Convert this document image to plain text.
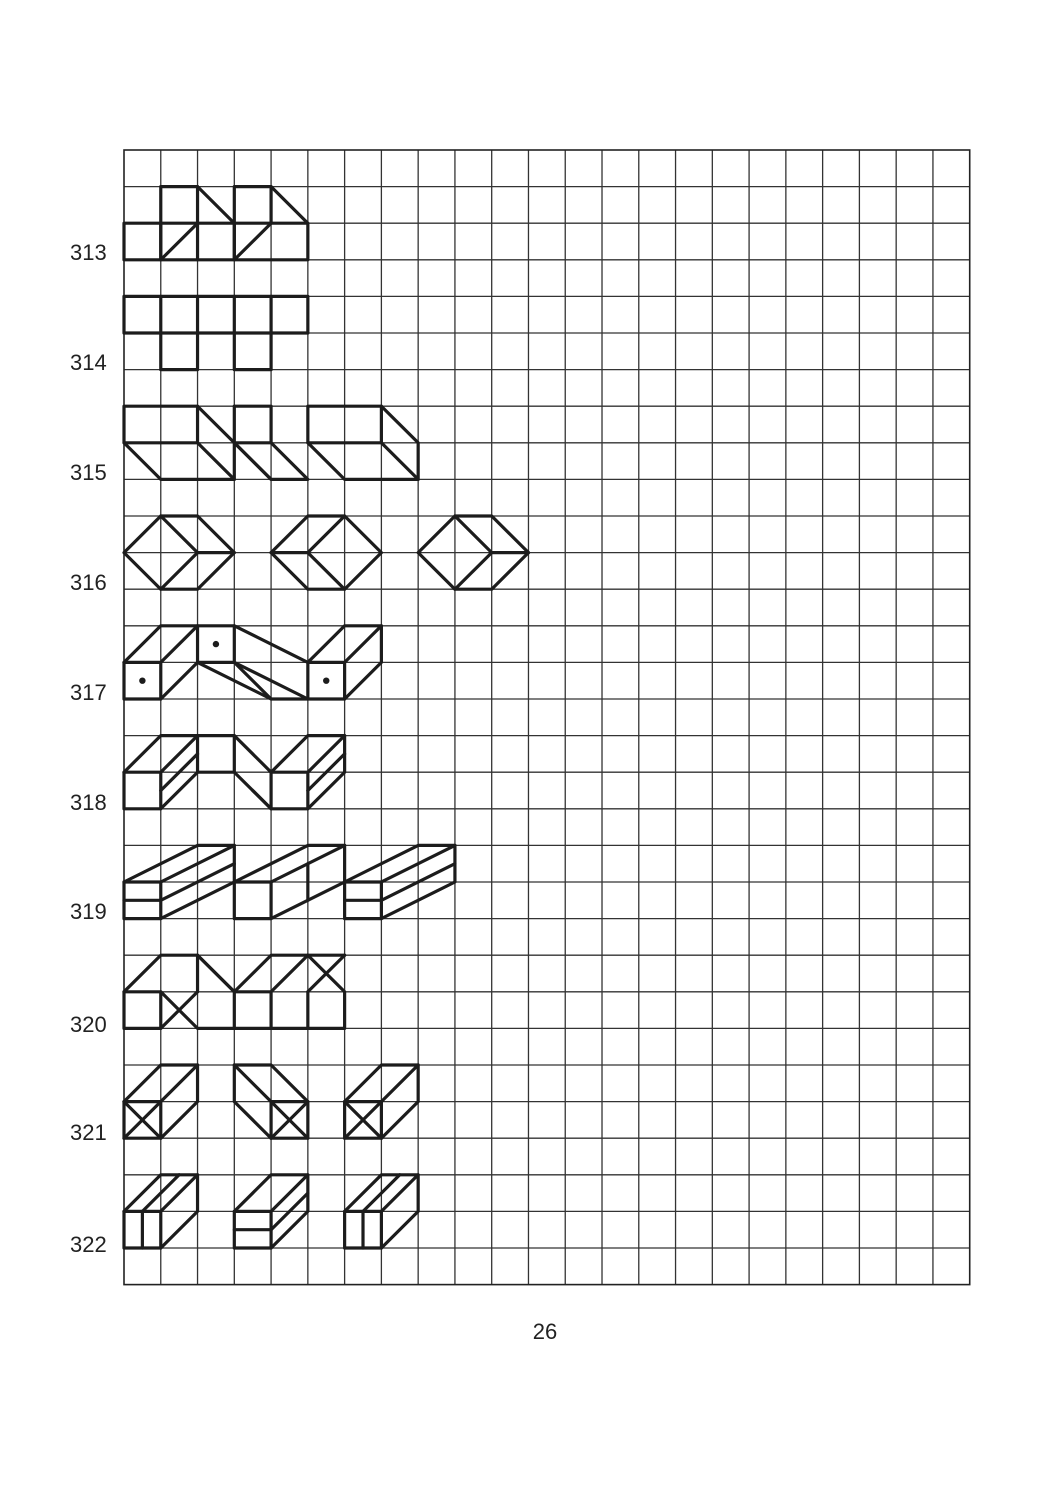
313
314
315
316
317
318
319
320
321
322
26
